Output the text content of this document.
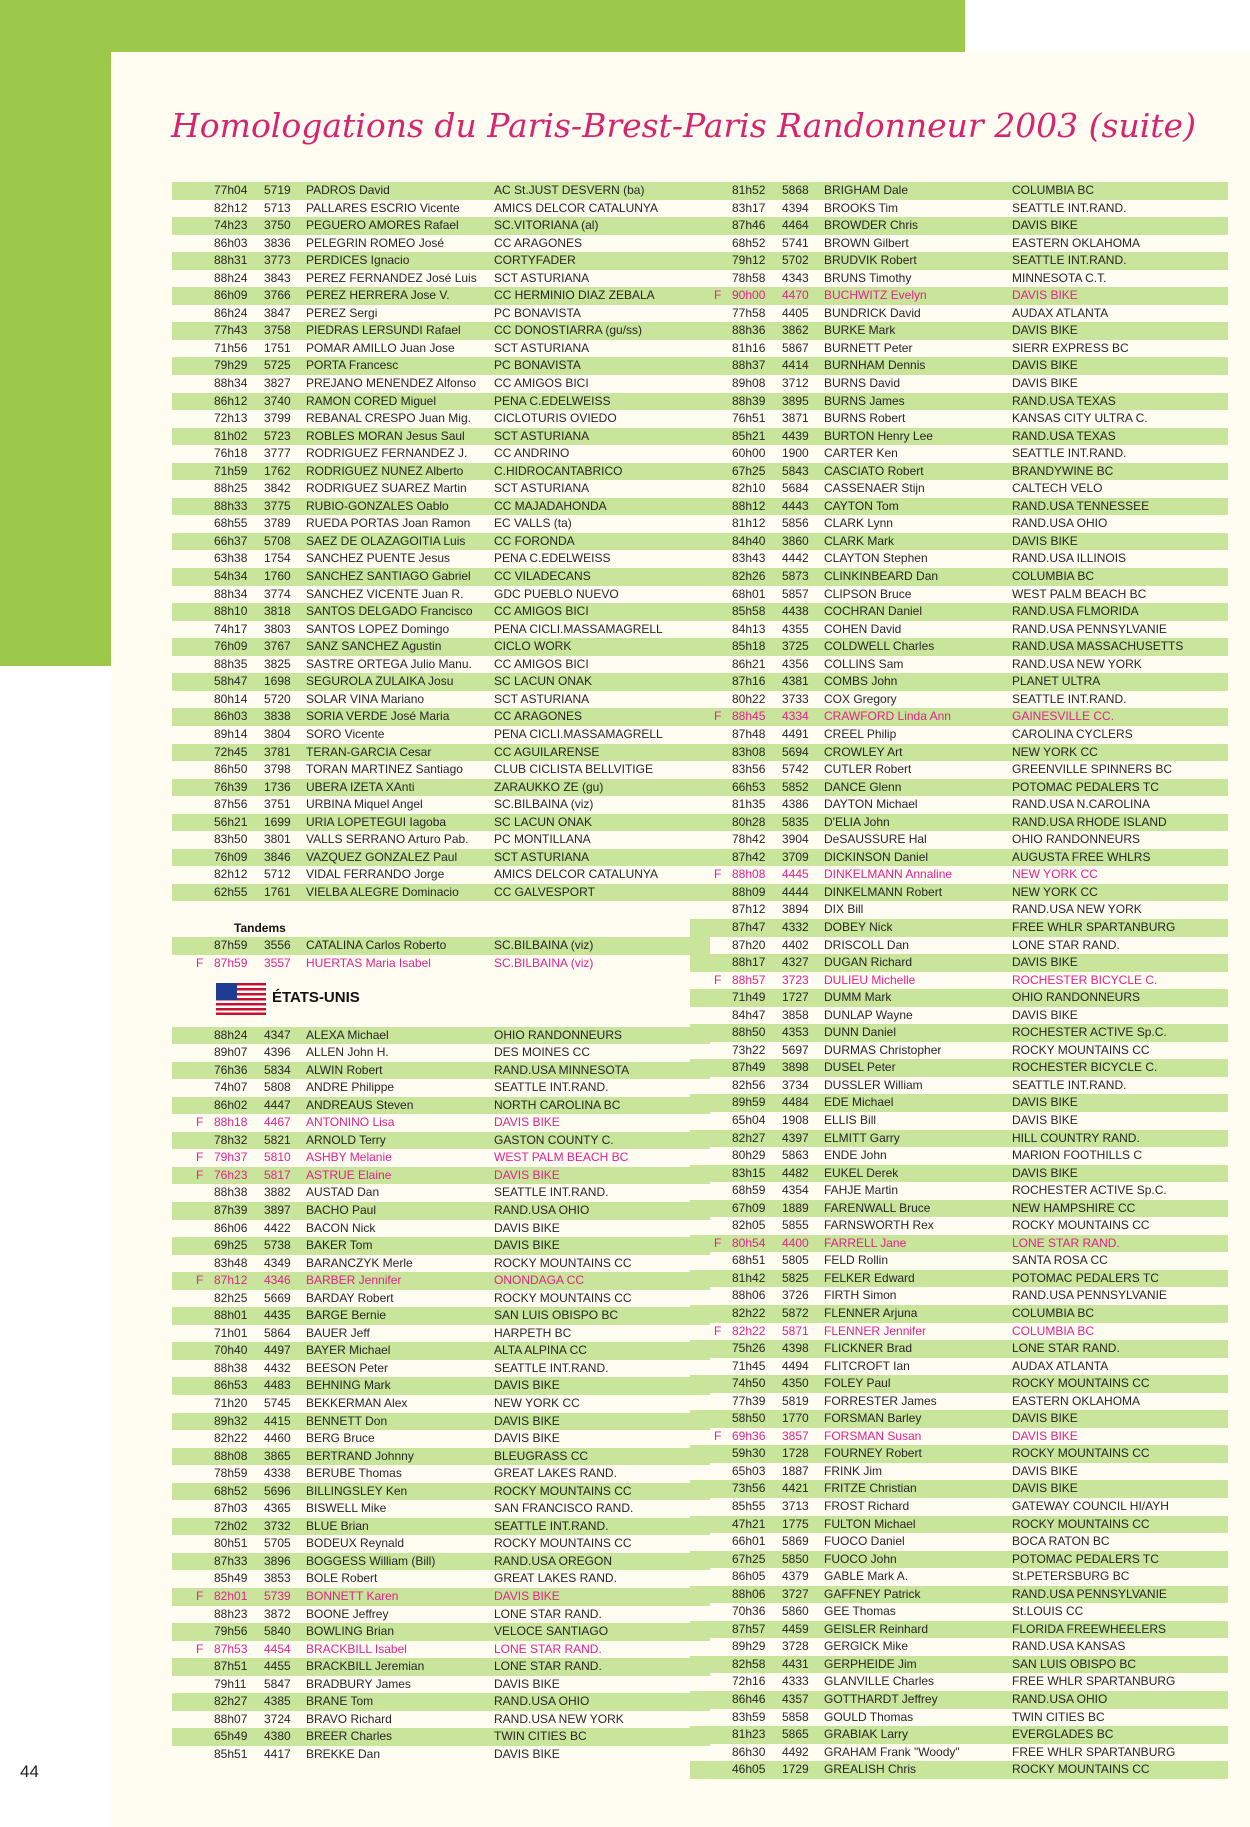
Homologations du Paris-Brest-Paris Randonneur 2003 (suite)
77h04	5719	PADROS David	AC St.JUST DESVERN (ba)
82h12	5713	PALLARES ESCRIO Vicente	AMICS DELCOR CATALUNYA
74h23	3750	PEGUERO AMORES Rafael	SC.VITORIANA (al)
86h03	3836	PELEGRIN ROMEO José	CC ARAGONES
88h31	3773	PERDICES Ignacio	CORTYFADER
88h24	3843	PEREZ FERNANDEZ José Luis	SCT ASTURIANA
86h09	3766	PEREZ HERRERA Jose V.	CC HERMINIO DIAZ ZEBALA
86h24	3847	PEREZ Sergi	PC BONAVISTA
77h43	3758	PIEDRAS LERSUNDI Rafael	CC DONOSTIARRA (gu/ss)
71h56	1751	POMAR AMILLO Juan Jose	SCT ASTURIANA
79h29	5725	PORTA Francesc	PC BONAVISTA
88h34	3827	PREJANO MENENDEZ Alfonso	CC AMIGOS BICI
86h12	3740	RAMON CORED Miguel	PENA C.EDELWEISS
72h13	3799	REBANAL CRESPO Juan Mig.	CICLOTURIS OVIEDO
81h02	5723	ROBLES MORAN Jesus Saul	SCT ASTURIANA
76h18	3777	RODRIGUEZ FERNANDEZ J.	CC ANDRINO
71h59	1762	RODRIGUEZ NUNEZ Alberto	C.HIDROCANTABRICO
88h25	3842	RODRIGUEZ SUAREZ Martin	SCT ASTURIANA
88h33	3775	RUBIO-GONZALES Oablo	CC MAJADAHONDA
68h55	3789	RUEDA PORTAS Joan Ramon	EC VALLS (ta)
66h37	5708	SAEZ DE OLAZAGOITIA Luis	CC FORONDA
63h38	1754	SANCHEZ PUENTE Jesus	PENA C.EDELWEISS
54h34	1760	SANCHEZ SANTIAGO Gabriel	CC VILADECANS
88h34	3774	SANCHEZ VICENTE Juan R.	GDC PUEBLO NUEVO
88h10	3818	SANTOS DELGADO Francisco	CC AMIGOS BICI
74h17	3803	SANTOS LOPEZ Domingo	PENA CICLI.MASSAMAGRELL
76h09	3767	SANZ SANCHEZ Agustin	CICLO WORK
88h35	3825	SASTRE ORTEGA Julio Manu.	CC AMIGOS BICI
58h47	1698	SEGUROLA ZULAIKA Josu	SC LACUN ONAK
80h14	5720	SOLAR VINA Mariano	SCT ASTURIANA
86h03	3838	SORIA VERDE José Maria	CC ARAGONES
89h14	3804	SORO Vicente	PENA CICLI.MASSAMAGRELL
72h45	3781	TERAN-GARCIA Cesar	CC AGUILARENSE
86h50	3798	TORAN MARTINEZ Santiago	CLUB CICLISTA BELLVITIGE
76h39	1736	UBERA IZETA XAnti	ZARAUKKO ZE (gu)
87h56	3751	URBINA Miquel Angel	SC.BILBAINA (viz)
56h21	1699	URIA LOPETEGUI Iagoba	SC LACUN ONAK
83h50	3801	VALLS SERRANO Arturo Pab.	PC MONTILLANA
76h09	3846	VAZQUEZ GONZALEZ Paul	SCT ASTURIANA
82h12	5712	VIDAL FERRANDO Jorge	AMICS DELCOR CATALUNYA
62h55	1761	VIELBA ALEGRE Dominacio	CC GALVESPORT
Tandems
87h59	3556	CATALINA Carlos Roberto	SC.BILBAINA (viz)
F 87h59	3557	HUERTAS Maria Isabel	SC.BILBAINA (viz)
ÉTATS-UNIS
88h24	4347	ALEXA Michael	OHIO RANDONNEURS
89h07	4396	ALLEN John H.	DES MOINES CC
76h36	5834	ALWIN Robert	RAND.USA MINNESOTA
74h07	5808	ANDRE Philippe	SEATTLE INT.RAND.
86h02	4447	ANDREAUS Steven	NORTH CAROLINA BC
F 88h18	4467	ANTONINO Lisa	DAVIS BIKE
78h32	5821	ARNOLD Terry	GASTON COUNTY C.
F 79h37	5810	ASHBY Melanie	WEST PALM BEACH BC
F 76h23	5817	ASTRUE Elaine	DAVIS BIKE
88h38	3882	AUSTAD Dan	SEATTLE INT.RAND.
87h39	3897	BACHO Paul	RAND.USA OHIO
86h06	4422	BACON Nick	DAVIS BIKE
69h25	5738	BAKER Tom	DAVIS BIKE
83h48	4349	BARANCZYK Merle	ROCKY MOUNTAINS CC
F 87h12	4346	BARBER Jennifer	ONONDAGA CC
82h25	5669	BARDAY Robert	ROCKY MOUNTAINS CC
88h01	4435	BARGE Bernie	SAN LUIS OBISPO BC
71h01	5864	BAUER Jeff	HARPETH BC
70h40	4497	BAYER Michael	ALTA ALPINA CC
88h38	4432	BEESON Peter	SEATTLE INT.RAND.
86h53	4483	BEHNING Mark	DAVIS BIKE
71h20	5745	BEKKERMAN Alex	NEW YORK CC
89h32	4415	BENNETT Don	DAVIS BIKE
82h22	4460	BERG Bruce	DAVIS BIKE
88h08	3865	BERTRAND Johnny	BLEUGRASS CC
78h59	4338	BERUBE Thomas	GREAT LAKES RAND.
68h52	5696	BILLINGSLEY Ken	ROCKY MOUNTAINS CC
87h03	4365	BISWELL Mike	SAN FRANCISCO RAND.
72h02	3732	BLUE Brian	SEATTLE INT.RAND.
80h51	5705	BODEUX Reynald	ROCKY MOUNTAINS CC
87h33	3896	BOGGESS William (Bill)	RAND.USA OREGON
85h49	3853	BOLE Robert	GREAT LAKES RAND.
F 82h01	5739	BONNETT Karen	DAVIS BIKE
88h23	3872	BOONE Jeffrey	LONE STAR RAND.
79h56	5840	BOWLING Brian	VELOCE SANTIAGO
F 87h53	4454	BRACKBILL Isabel	LONE STAR RAND.
87h51	4455	BRACKBILL Jeremian	LONE STAR RAND.
79h11	5847	BRADBURY James	DAVIS BIKE
82h27	4385	BRANE Tom	RAND.USA OHIO
88h07	3724	BRAVO Richard	RAND.USA NEW YORK
65h49	4380	BREER Charles	TWIN CITIES BC
85h51	4417	BREKKE Dan	DAVIS BIKE
81h52	5868	BRIGHAM Dale	COLUMBIA BC
83h17	4394	BROOKS Tim	SEATTLE INT.RAND.
87h46	4464	BROWDER Chris	DAVIS BIKE
68h52	5741	BROWN Gilbert	EASTERN OKLAHOMA
79h12	5702	BRUDVIK Robert	SEATTLE INT.RAND.
78h58	4343	BRUNS Timothy	MINNESOTA C.T.
F 90h00	4470	BUCHWITZ Evelyn	DAVIS BIKE
77h58	4405	BUNDRICK David	AUDAX ATLANTA
88h36	3862	BURKE Mark	DAVIS BIKE
81h16	5867	BURNETT Peter	SIERR EXPRESS BC
88h37	4414	BURNHAM Dennis	DAVIS BIKE
89h08	3712	BURNS David	DAVIS BIKE
88h39	3895	BURNS James	RAND.USA TEXAS
76h51	3871	BURNS Robert	KANSAS CITY ULTRA C.
85h21	4439	BURTON Henry Lee	RAND.USA TEXAS
60h00	1900	CARTER Ken	SEATTLE INT.RAND.
67h25	5843	CASCIATO Robert	BRANDYWINE BC
82h10	5684	CASSENAER Stijn	CALTECH VELO
88h12	4443	CAYTON Tom	RAND.USA TENNESSEE
81h12	5856	CLARK Lynn	RAND.USA OHIO
84h40	3860	CLARK Mark	DAVIS BIKE
83h43	4442	CLAYTON Stephen	RAND.USA ILLINOIS
82h26	5873	CLINKINBEARD Dan	COLUMBIA BC
68h01	5857	CLIPSON Bruce	WEST PALM BEACH BC
85h58	4438	COCHRAN Daniel	RAND.USA FLMORIDA
84h13	4355	COHEN David	RAND.USA PENNSYLVANIE
85h18	3725	COLDWELL Charles	RAND.USA MASSACHUSETTS
86h21	4356	COLLINS Sam	RAND.USA NEW YORK
87h16	4381	COMBS John	PLANET ULTRA
80h22	3733	COX Gregory	SEATTLE INT.RAND.
F 88h45	4334	CRAWFORD Linda Ann	GAINESVILLE CC.
87h48	4491	CREEL Philip	CAROLINA CYCLERS
83h08	5694	CROWLEY Art	NEW YORK CC
83h56	5742	CUTLER Robert	GREENVILLE SPINNERS BC
66h53	5852	DANCE Glenn	POTOMAC PEDALERS TC
81h35	4386	DAYTON Michael	RAND.USA N.CAROLINA
80h28	5835	D'ELIA John	RAND.USA RHODE ISLAND
78h42	3904	DeSAUSSURE Hal	OHIO RANDONNEURS
87h42	3709	DICKINSON Daniel	AUGUSTA FREE WHLRS
F 88h08	4445	DINKELMANN Annaline	NEW YORK CC
88h09	4444	DINKELMANN Robert	NEW YORK CC
87h12	3894	DIX Bill	RAND.USA NEW YORK
87h47	4332	DOBEY Nick	FREE WHLR SPARTANBURG
87h20	4402	DRISCOLL Dan	LONE STAR RAND.
88h17	4327	DUGAN Richard	DAVIS BIKE
F 88h57	3723	DULIEU Michelle	ROCHESTER BICYCLE C.
71h49	1727	DUMM Mark	OHIO RANDONNEURS
84h47	3858	DUNLAP Wayne	DAVIS BIKE
88h50	4353	DUNN Daniel	ROCHESTER ACTIVE Sp.C.
73h22	5697	DURMAS Christopher	ROCKY MOUNTAINS CC
87h49	3898	DUSEL Peter	ROCHESTER BICYCLE C.
82h56	3734	DUSSLER William	SEATTLE INT.RAND.
89h59	4484	EDE Michael	DAVIS BIKE
65h04	1908	ELLIS Bill	DAVIS BIKE
82h27	4397	ELMITT Garry	HILL COUNTRY RAND.
80h29	5863	ENDE John	MARION FOOTHILLS C
83h15	4482	EUKEL Derek	DAVIS BIKE
68h59	4354	FAHJE Martin	ROCHESTER ACTIVE Sp.C.
67h09	1889	FARENWALL Bruce	NEW HAMPSHIRE CC
82h05	5855	FARNSWORTH Rex	ROCKY MOUNTAINS CC
F 80h54	4400	FARRELL Jane	LONE STAR RAND.
68h51	5805	FELD Rollin	SANTA ROSA CC
81h42	5825	FELKER Edward	POTOMAC PEDALERS TC
88h06	3726	FIRTH Simon	RAND.USA PENNSYLVANIE
82h22	5872	FLENNER Arjuna	COLUMBIA BC
F 82h22	5871	FLENNER Jennifer	COLUMBIA BC
75h26	4398	FLICKNER Brad	LONE STAR RAND.
71h45	4494	FLITCROFT Ian	AUDAX ATLANTA
74h50	4350	FOLEY Paul	ROCKY MOUNTAINS CC
77h39	5819	FORRESTER James	EASTERN OKLAHOMA
58h50	1770	FORSMAN Barley	DAVIS BIKE
F 69h36	3857	FORSMAN Susan	DAVIS BIKE
59h30	1728	FOURNEY Robert	ROCKY MOUNTAINS CC
65h03	1887	FRINK Jim	DAVIS BIKE
73h56	4421	FRITZE Christian	DAVIS BIKE
85h55	3713	FROST Richard	GATEWAY COUNCIL HI/AYH
47h21	1775	FULTON Michael	ROCKY MOUNTAINS CC
66h01	5869	FUOCO Daniel	BOCA RATON BC
67h25	5850	FUOCO John	POTOMAC PEDALERS TC
86h05	4379	GABLE Mark A.	St.PETERSBURG BC
88h06	3727	GAFFNEY Patrick	RAND.USA PENNSYLVANIE
70h36	5860	GEE Thomas	St.LOUIS CC
87h57	4459	GEISLER Reinhard	FLORIDA FREEWHEELERS
89h29	3728	GERGICK Mike	RAND.USA KANSAS
82h58	4431	GERPHEIDE Jim	SAN LUIS OBISPO BC
72h16	4333	GLANVILLE Charles	FREE WHLR SPARTANBURG
86h46	4357	GOTTHARDT Jeffrey	RAND.USA OHIO
83h59	5858	GOULD Thomas	TWIN CITIES BC
81h23	5865	GRABIAK Larry	EVERGLADES BC
86h30	4492	GRAHAM Frank "Woody"	FREE WHLR SPARTANBURG
46h05	1729	GREALISH Chris	ROCKY MOUNTAINS CC
44
